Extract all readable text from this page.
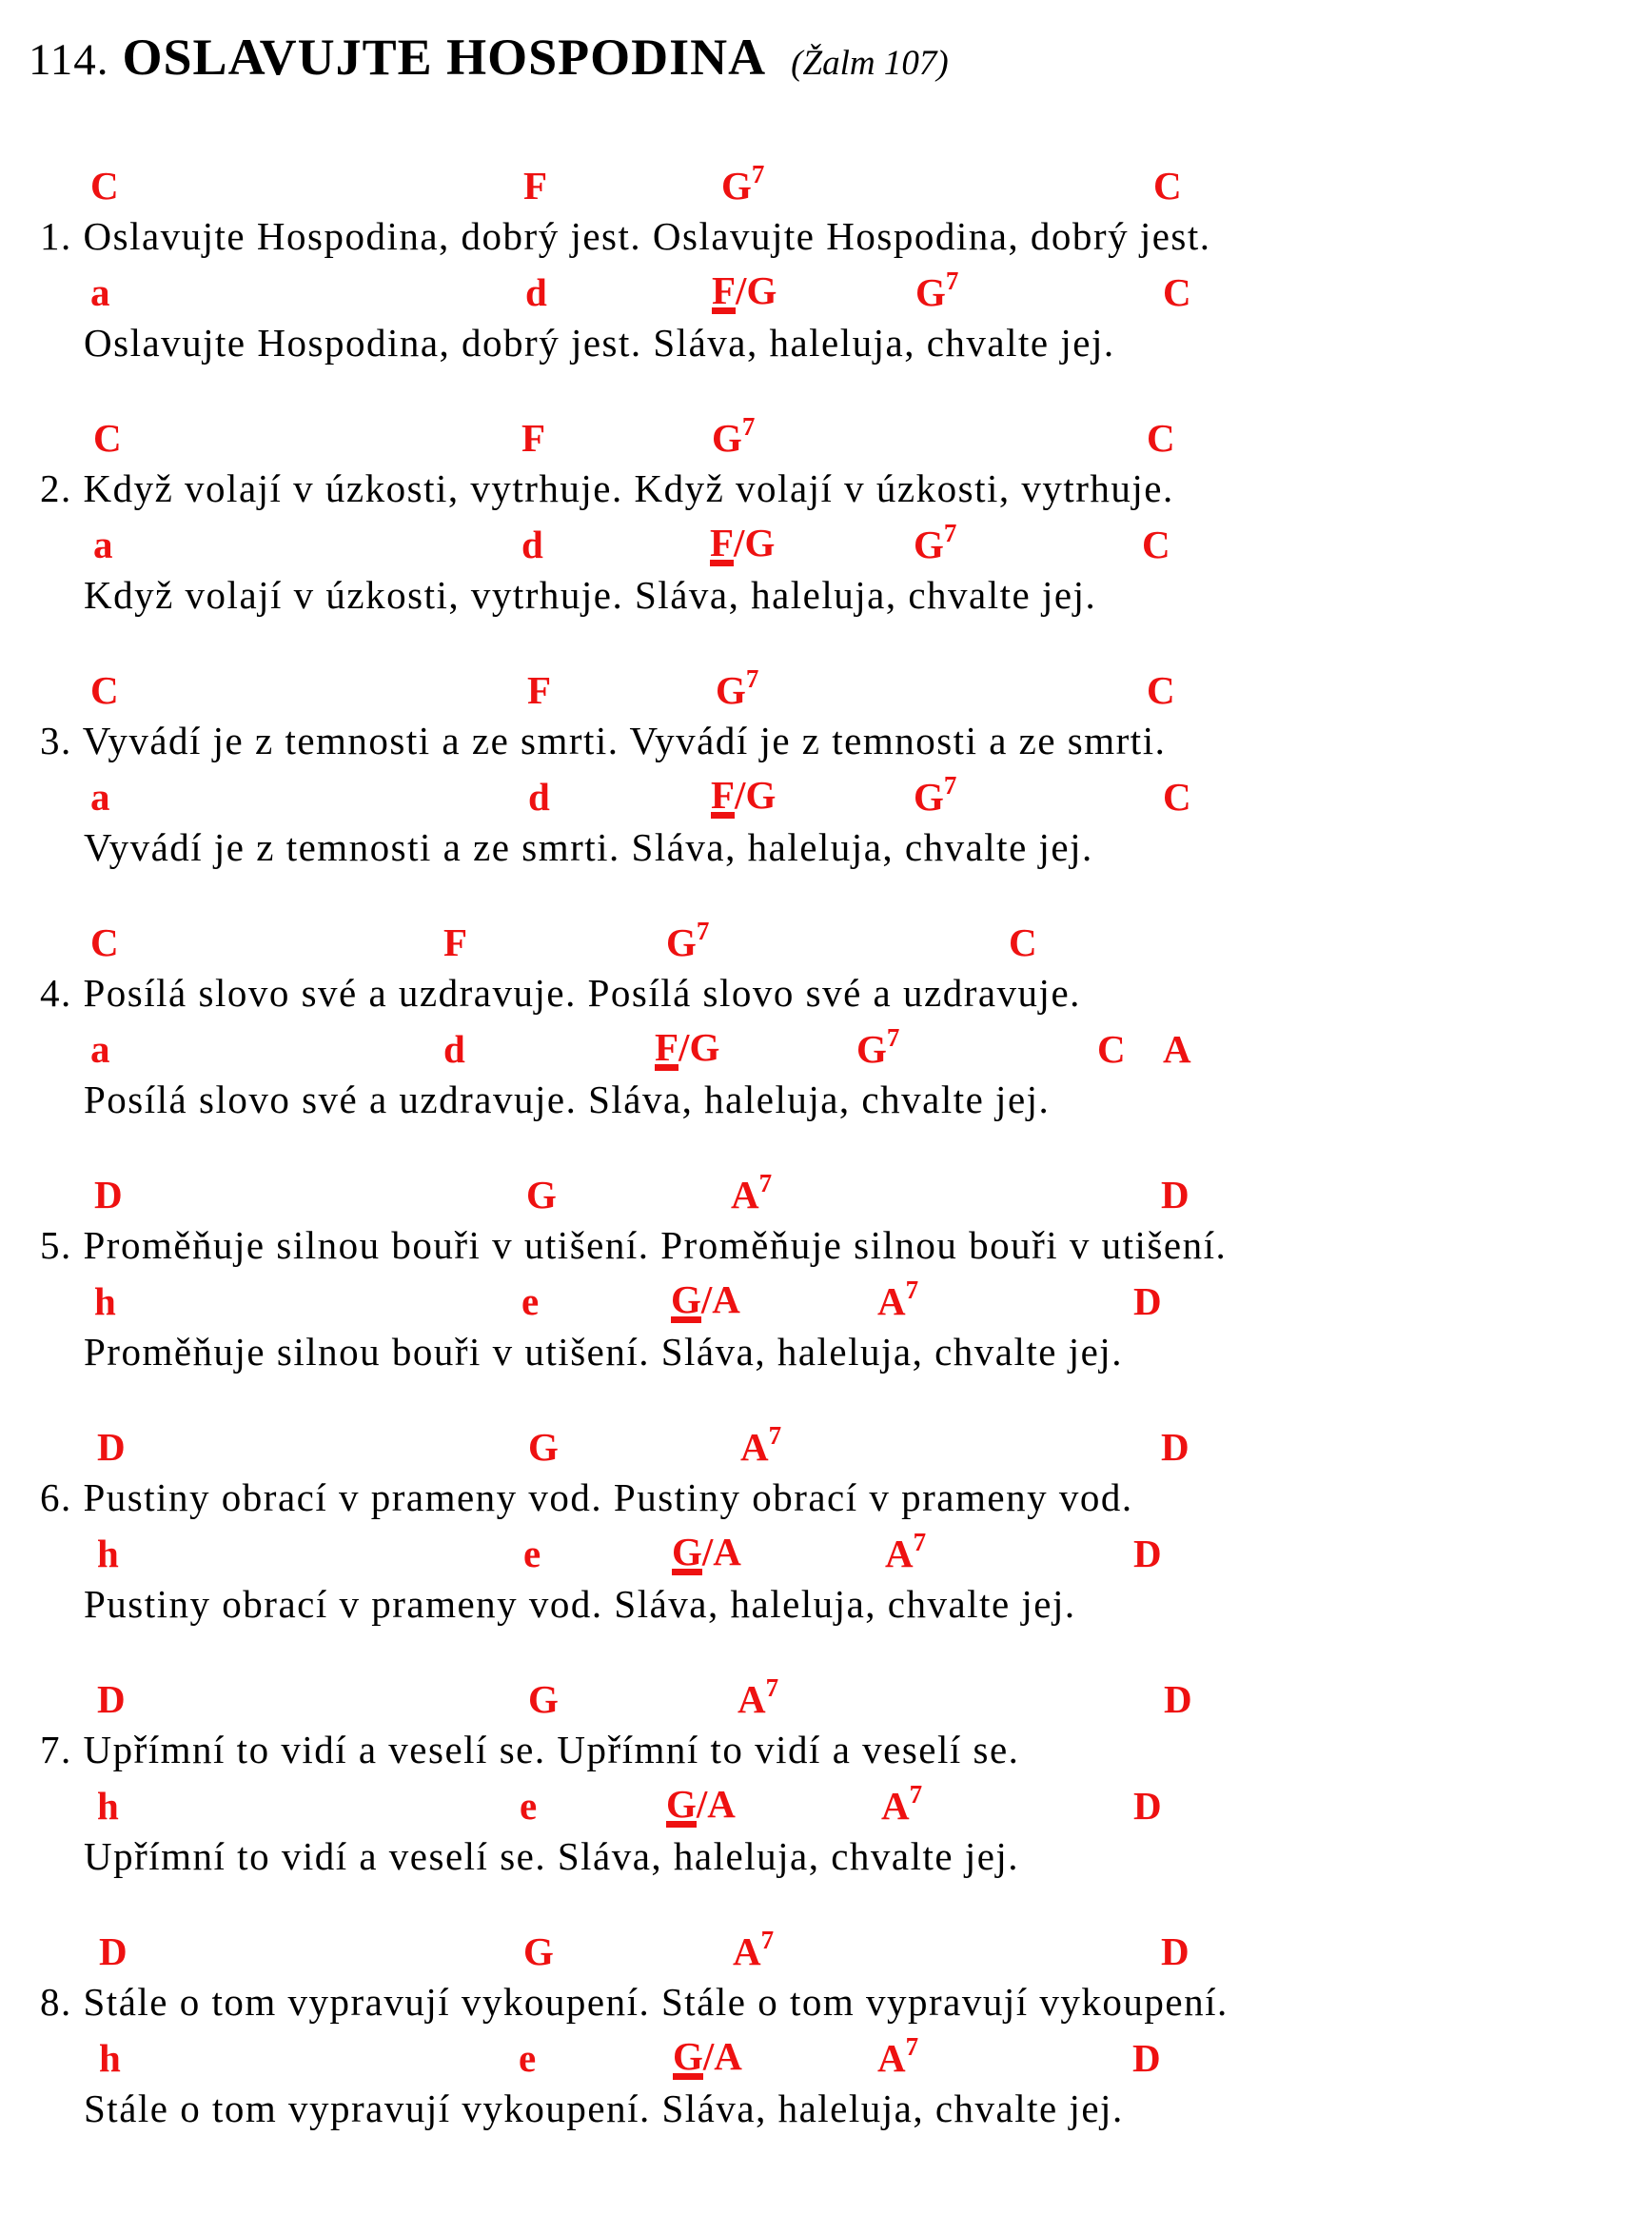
114. OSLAVUJTE HOSPODINA (Žalm 107)
C	F	$G^7$	C
1. Oslavujte Hospodina, dobrý jest. Oslavujte Hospodina, dobrý jest.
a	d	F/G	$G^7$	C
Oslavujte Hospodina, dobrý jest. Sláva, haleluja, chvalte jej.
C	F	$G^7$	C
2. Když volají v úzkosti, vytrhuje. Když volají v úzkosti, vytrhuje.
a	d	F/G	$G^7$	C
Když volají v úzkosti, vytrhuje. Sláva, haleluja, chvalte jej.
C	F	$G^7$	C
3. Vyvádí je z temnosti a ze smrti. Vyvádí je z temnosti a ze smrti.
a	d	F/G	$G^7$	C
Vyvádí je z temnosti a ze smrti. Sláva, haleluja, chvalte jej.
C	F	$G^7$	C
4. Posílá slovo své a uzdravuje. Posílá slovo své a uzdravuje.
a	d	F/G	$G^7$	C A
Posílá slovo své a uzdravuje. Sláva, haleluja, chvalte jej.
D	G	$A^7$	D
5. Proměňuje silnou bouři v utišení. Proměňuje silnou bouři v utišení.
h	e	G/A	$A^7$	D
Proměňuje silnou bouři v utišení. Sláva, haleluja, chvalte jej.
D	G	$A^7$	D
6. Pustiny obrací v prameny vod. Pustiny obrací v prameny vod.
h	e	G/A	$A^7$	D
Pustiny obrací v prameny vod. Sláva, haleluja, chvalte jej.
D	G	$A^7$	D
7. Upřímní to vidí a veselí se. Upřímní to vidí a veselí se.
h	e	G/A	$A^7$	D
Upřímní to vidí a veselí se. Sláva, haleluja, chvalte jej.
D	G	$A^7$	D
8. Stále o tom vypravují vykoupení. Stále o tom vypravují vykoupení.
h	e	G/A	$A^7$	D
Stále o tom vypravují vykoupení. Sláva, haleluja, chvalte jej.
